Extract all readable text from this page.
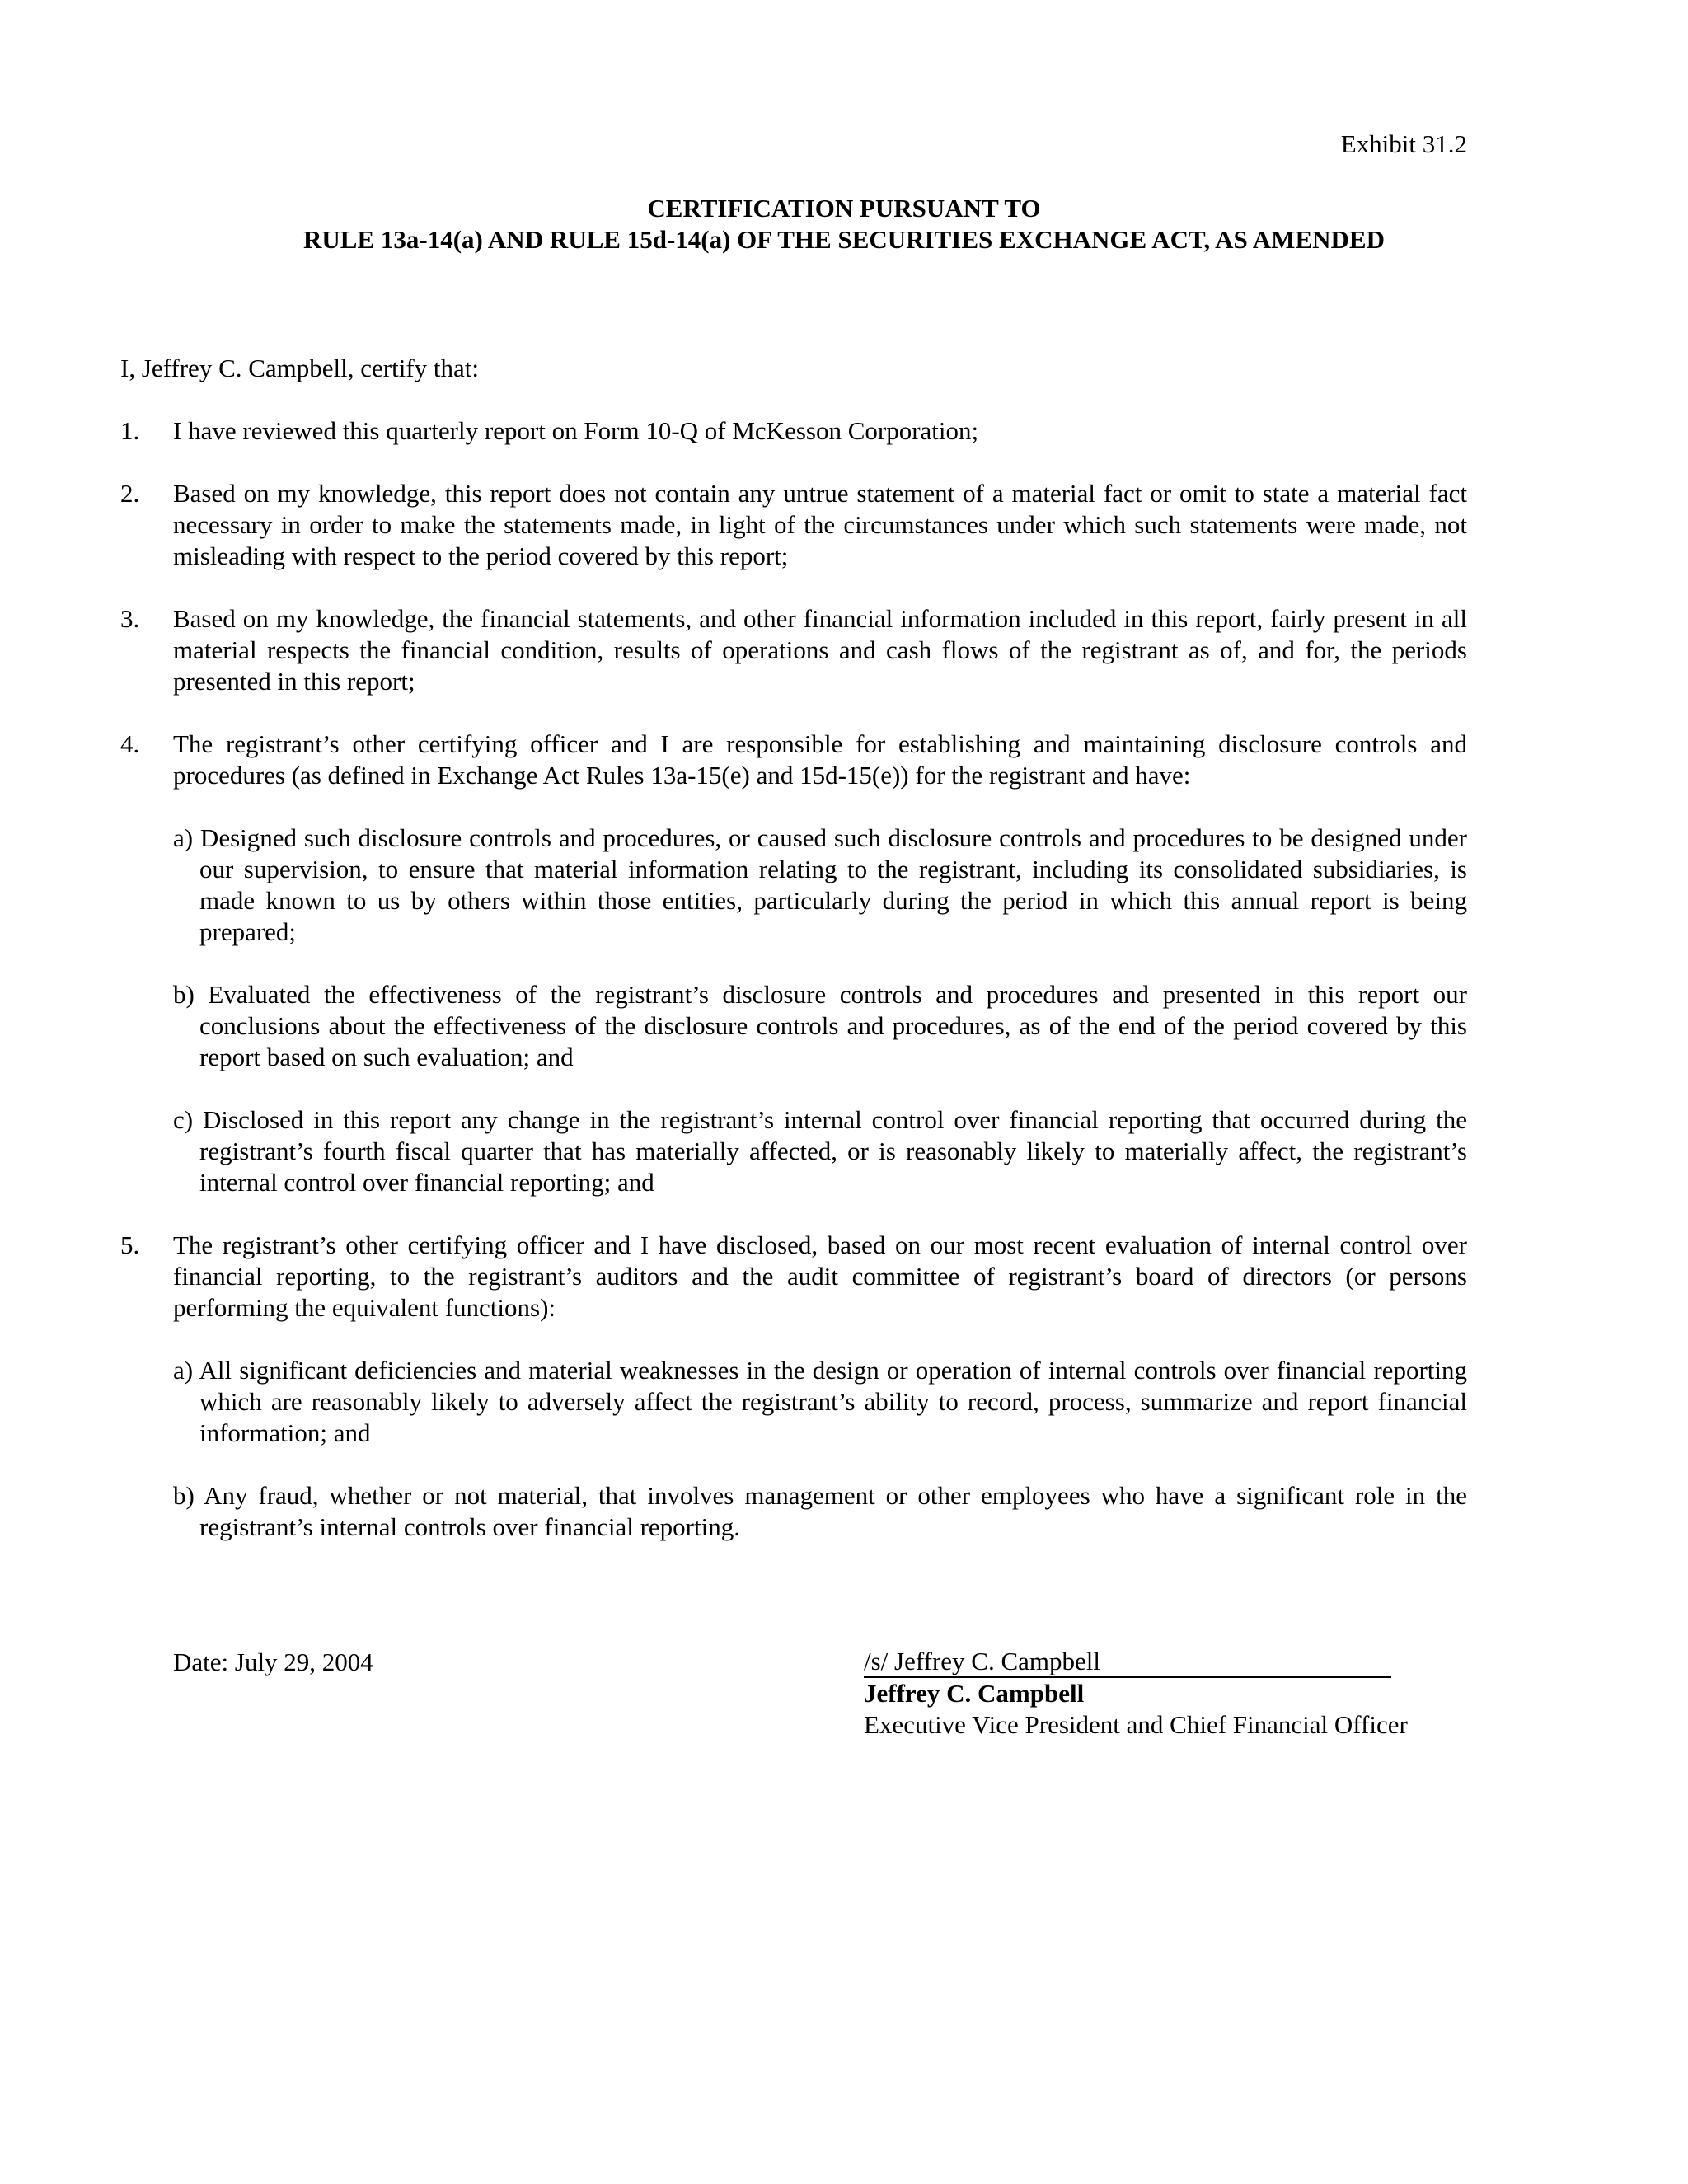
Exhibit 31.2
CERTIFICATION PURSUANT TO
RULE 13a-14(a) AND RULE 15d-14(a) OF THE SECURITIES EXCHANGE ACT, AS AMENDED
I, Jeffrey C. Campbell, certify that:
1.	I have reviewed this quarterly report on Form 10-Q of McKesson Corporation;
2.	Based on my knowledge, this report does not contain any untrue statement of a material fact or omit to state a material fact necessary in order to make the statements made, in light of the circumstances under which such statements were made, not misleading with respect to the period covered by this report;
3.	Based on my knowledge, the financial statements, and other financial information included in this report, fairly present in all material respects the financial condition, results of operations and cash flows of the registrant as of, and for, the periods presented in this report;
4.	The registrant’s other certifying officer and I are responsible for establishing and maintaining disclosure controls and procedures (as defined in Exchange Act Rules 13a-15(e) and 15d-15(e)) for the registrant and have:
a) Designed such disclosure controls and procedures, or caused such disclosure controls and procedures to be designed under our supervision, to ensure that material information relating to the registrant, including its consolidated subsidiaries, is made known to us by others within those entities, particularly during the period in which this annual report is being prepared;
b) Evaluated the effectiveness of the registrant’s disclosure controls and procedures and presented in this report our conclusions about the effectiveness of the disclosure controls and procedures, as of the end of the period covered by this report based on such evaluation; and
c) Disclosed in this report any change in the registrant’s internal control over financial reporting that occurred during the registrant’s fourth fiscal quarter that has materially affected, or is reasonably likely to materially affect, the registrant’s internal control over financial reporting; and
5.	The registrant’s other certifying officer and I have disclosed, based on our most recent evaluation of internal control over financial reporting, to the registrant’s auditors and the audit committee of registrant’s board of directors (or persons performing the equivalent functions):
a) All significant deficiencies and material weaknesses in the design or operation of internal controls over financial reporting which are reasonably likely to adversely affect the registrant’s ability to record, process, summarize and report financial information; and
b) Any fraud, whether or not material, that involves management or other employees who have a significant role in the registrant’s internal controls over financial reporting.
Date: July 29, 2004	/s/ Jeffrey C. Campbell
Jeffrey C. Campbell
Executive Vice President and Chief Financial Officer
